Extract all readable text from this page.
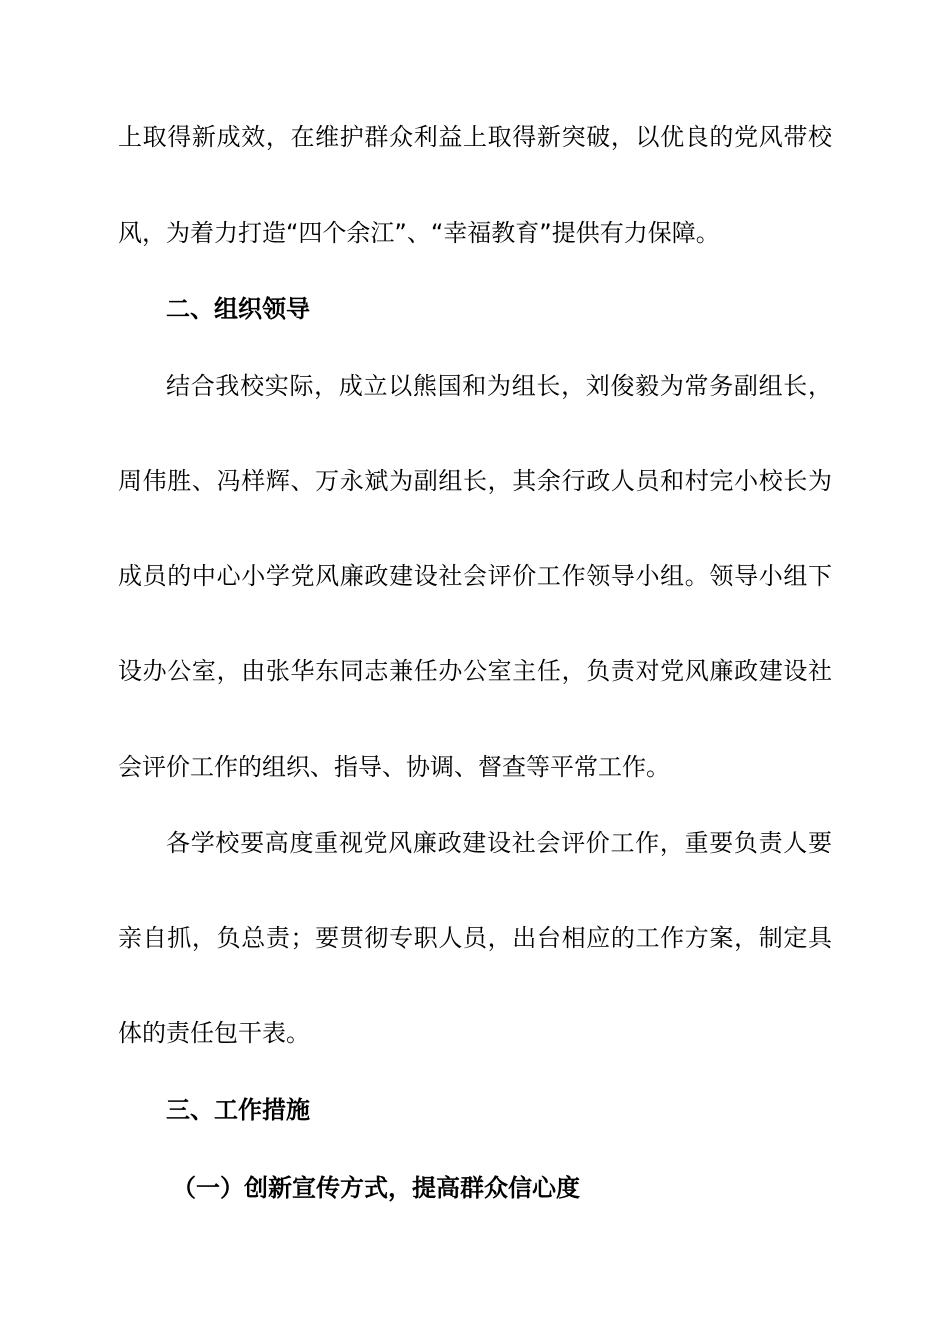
上取得新成效，在维护群众利益上取得新突破，以优良的党风带校
风，为着力打造“四个余江”、“幸福教育”提供有力保障。
二、组织领导
结合我校实际，成立以熊国和为组长，刘俊毅为常务副组长，
周伟胜、冯样辉、万永斌为副组长，其余行政人员和村完小校长为
成员的中心小学党风廉政建设社会评价工作领导小组。领导小组下
设办公室，由张华东同志兼任办公室主任，负责对党风廉政建设社
会评价工作的组织、指导、协调、督查等平常工作。
各学校要高度重视党风廉政建设社会评价工作，重要负责人要
亲自抓，负总责；要贯彻专职人员，出台相应的工作方案，制定具
体的责任包干表。
三、工作措施
（一）创新宣传方式，提高群众信心度
